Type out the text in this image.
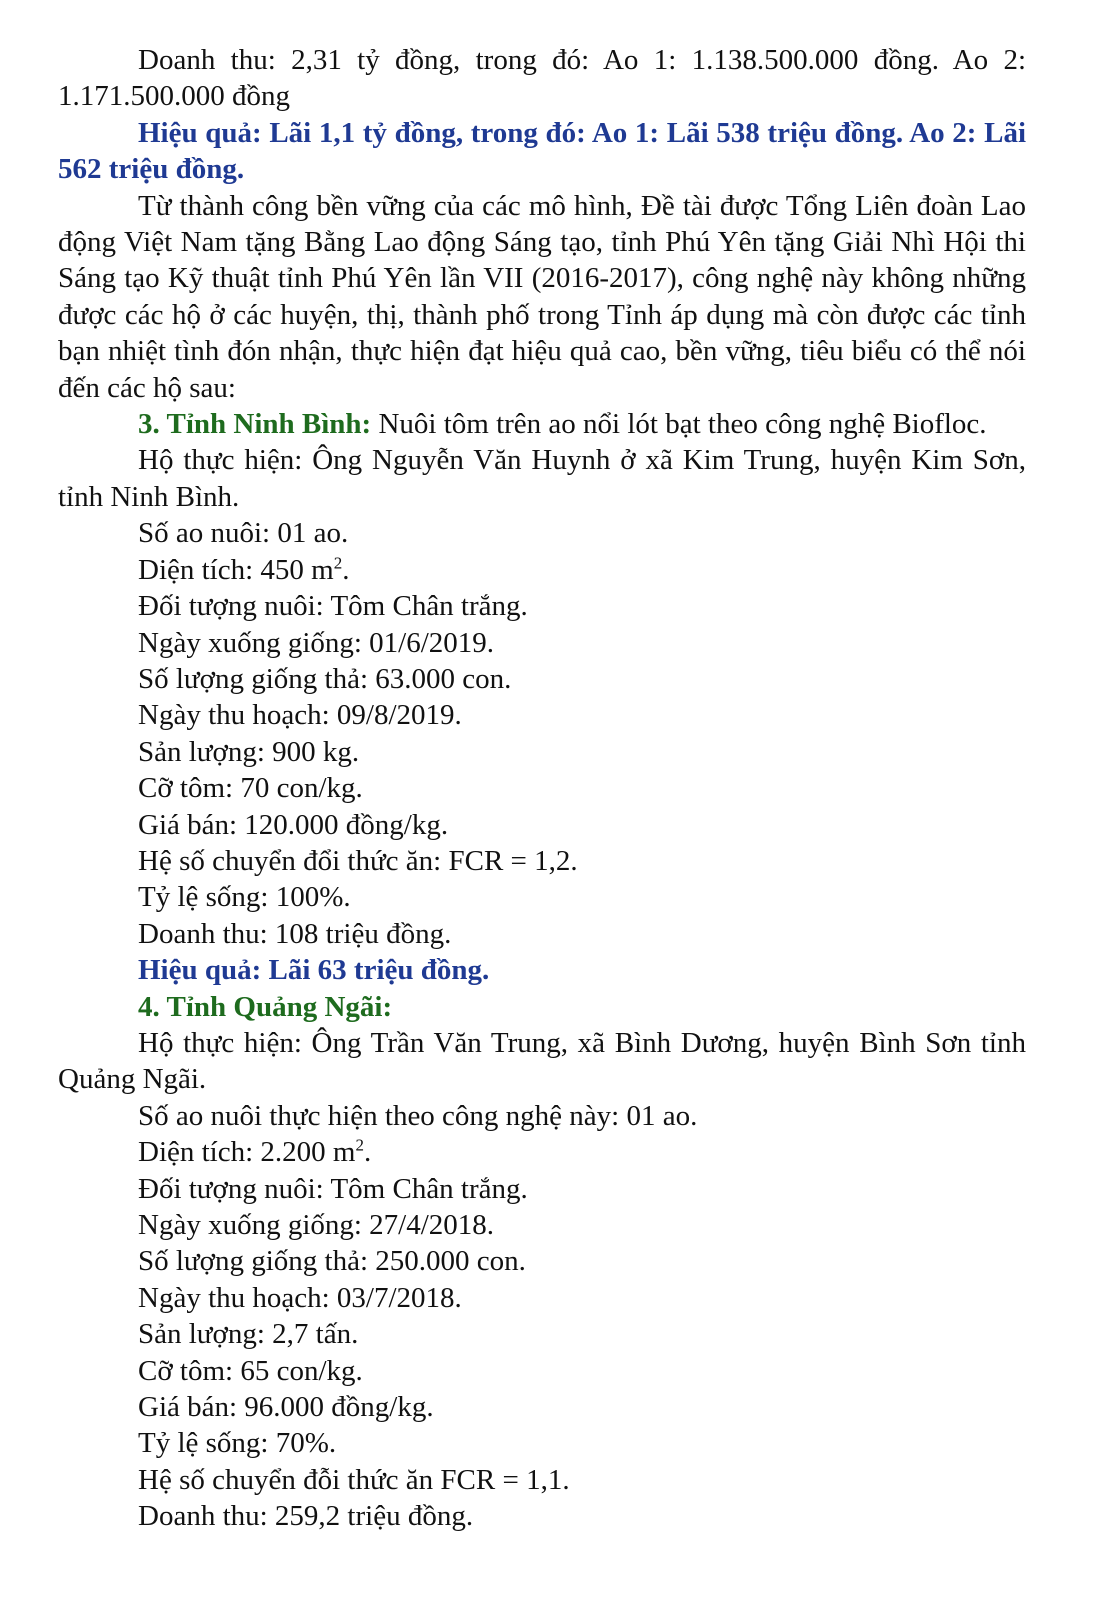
Doanh thu: 2,31 tỷ đồng, trong đó: Ao 1: 1.138.500.000 đồng. Ao 2: 1.171.500.000 đồng

Hiệu quả: Lãi 1,1 tỷ đồng, trong đó: Ao 1: Lãi 538 triệu đồng. Ao 2: Lãi 562 triệu đồng.

Từ thành công bền vững của các mô hình, Đề tài được Tổng Liên đoàn Lao động Việt Nam tặng Bằng Lao động Sáng tạo, tỉnh Phú Yên tặng Giải Nhì Hội thi Sáng tạo Kỹ thuật tỉnh Phú Yên lần VII (2016-2017), công nghệ này không những được các hộ ở các huyện, thị, thành phố trong Tỉnh áp dụng mà còn được các tỉnh bạn nhiệt tình đón nhận, thực hiện đạt hiệu quả cao, bền vững, tiêu biểu có thể nói đến các hộ sau:

3. Tỉnh Ninh Bình: Nuôi tôm trên ao nổi lót bạt theo công nghệ Biofloc.

Hộ thực hiện: Ông Nguyễn Văn Huynh ở xã Kim Trung, huyện Kim Sơn, tỉnh Ninh Bình.

Số ao nuôi: 01 ao.

Diện tích: 450 $m^2$.

Đối tượng nuôi: Tôm Chân trắng.

Ngày xuống giống: 01/6/2019.

Số lượng giống thả: 63.000 con.

Ngày thu hoạch: 09/8/2019.

Sản lượng: 900 kg.

Cỡ tôm: 70 con/kg.

Giá bán: 120.000 đồng/kg.

Hệ số chuyển đổi thức ăn: FCR = 1,2.

Tỷ lệ sống: 100%.

Doanh thu: 108 triệu đồng.

Hiệu quả: Lãi 63 triệu đồng.

4. Tỉnh Quảng Ngãi:

Hộ thực hiện: Ông Trần Văn Trung, xã Bình Dương, huyện Bình Sơn tỉnh Quảng Ngãi.

Số ao nuôi thực hiện theo công nghệ này: 01 ao.

Diện tích: 2.200 $m^2$.

Đối tượng nuôi: Tôm Chân trắng.

Ngày xuống giống: 27/4/2018.

Số lượng giống thả: 250.000 con.

Ngày thu hoạch: 03/7/2018.

Sản lượng: 2,7 tấn.

Cỡ tôm: 65 con/kg.

Giá bán: 96.000 đồng/kg.

Tỷ lệ sống: 70%.

Hệ số chuyển đỗi thức ăn FCR = 1,1.

Doanh thu: 259,2 triệu đồng.
